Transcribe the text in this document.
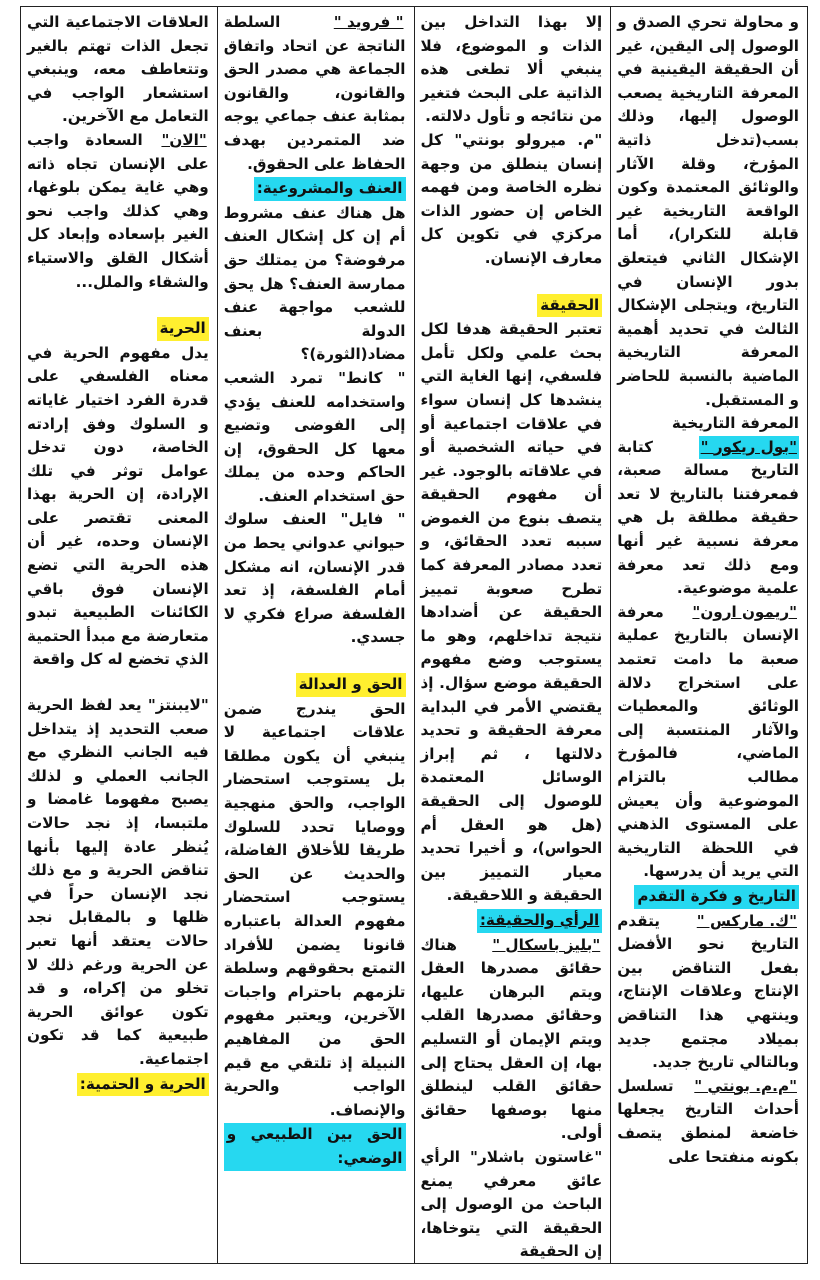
و محاولة تحري الصدق و الوصول إلى اليقين، غير أن الحقيقة اليقينية في المعرفة التاريخية يصعب الوصول إليها، وذلك بسب(تدخل ذاتية المؤرخ، وقلة الآثار والوثائق المعتمدة وكون الواقعة التاريخية غير قابلة للتكرار)، أما الإشكال الثاني فيتعلق بدور الإنسان في التاريخ، ويتجلى الإشكال الثالث في تحديد أهمية المعرفة التاريخية الماضية بالنسبة للحاضر و المستقبل.

المعرفة التاريخية

"بول ريكور " كتابة التاريخ مسالة صعبة، فمعرفتنا بالتاريخ لا تعد حقيقة مطلقة بل هي معرفة نسبية غير أنها ومع ذلك تعد معرفة علمية موضوعية.

"ريمون ارون" معرفة الإنسان بالتاريخ عملية صعبة ما دامت تعتمد على استخراج دلالة الوثائق والمعطيات والآثار المنتسبة إلى الماضي، فالمؤرخ مطالب بالتزام الموضوعية وأن يعيش على المستوى الذهني في اللحظة التاريخية التي يريد أن يدرسها.

التاريخ و فكرة التقدم

"ك. ماركس " يتقدم التاريخ نحو الأفضل بفعل التناقض بين الإنتاج وعلاقات الإنتاج، وينتهي هذا التناقض بميلاد مجتمع جديد وبالتالي تاريخ جديد.

"م.م. بونتي " تسلسل أحداث التاريخ يجعلها خاضعة لمنطق يتصف بكونه منفتحا على

إلا بهذا التداخل بين الذات و الموضوع، فلا ينبغي ألا تطغى هذه الذاتية على البحث فتغير من نتائجه و تأول دلالته.

"م. ميرولو بونتي" كل إنسان ينطلق من وجهة نظره الخاصة ومن فهمه الخاص إن حضور الذات مركزي في تكوين كل معارف الإنسان.

الحقيقة

تعتبر الحقيقة هدفا لكل بحث علمي ولكل تأمل فلسفي، إنها الغاية التي ينشدها كل إنسان سواء في علاقات اجتماعية أو في حياته الشخصية أو في علاقاته بالوجود. غير أن مفهوم الحقيقة يتصف بنوع من الغموض سببه تعدد الحقائق، و تعدد مصادر المعرفة كما تطرح صعوبة تمييز الحقيقة عن أضدادها نتيجة تداخلهم، وهو ما يستوجب وضع مفهوم الحقيقة موضع سؤال. إذ يقتضي الأمر في البداية معرفة الحقيقة و تحديد دلالتها ، ثم إبراز الوسائل المعتمدة للوصول إلى الحقيقة (هل هو العقل أم الحواس)، و أخيرا تحديد معيار التمييز بين الحقيقة و اللاحقيقة.

الرأي والحقيقة:

"بليز باسكال " هناك حقائق مصدرها العقل ويتم البرهان عليها، وحقائق مصدرها القلب ويتم الإيمان أو التسليم بها، إن العقل يحتاج إلى حقائق القلب لينطلق منها بوصفها حقائق أولى.

"غاستون باشلار" الرأي عائق معرفي يمنع الباحث من الوصول إلى الحقيقة التي يتوخاها، إن الحقيقة

" فرويد " السلطة الناتجة عن اتحاد واتفاق الجماعة هي مصدر الحق والقانون، والقانون بمثابة عنف جماعي يوجه ضد المتمردين بهدف الحفاظ على الحقوق.

العنف والمشروعية:

هل هناك عنف مشروط أم إن كل إشكال العنف مرفوضة؟ من يمتلك حق ممارسة العنف؟ هل يحق للشعب مواجهة عنف الدولة بعنف مضاد(الثورة)؟

" كانط" تمرد الشعب واستخدامه للعنف يؤدي إلى الفوضى وتضيع معها كل الحقوق، إن الحاكم وحده من يملك حق استخدام العنف.

" فايل" العنف سلوك حيواني عدواني يحط من قدر الإنسان، انه مشكل أمام الفلسفة، إذ تعد الفلسفة صراع فكري لا جسدي.

الحق و العدالة

الحق يندرج ضمن علاقات اجتماعية لا ينبغي أن يكون مطلقا بل يستوجب استحضار الواجب، والحق منهجية ووصايا تحدد للسلوك طريقا للأخلاق الفاضلة، والحديث عن الحق يستوجب استحضار مفهوم العدالة باعتباره قانونا يضمن للأفراد التمتع بحقوقهم وسلطة تلزمهم باحترام واجبات الآخرين، ويعتبر مفهوم الحق من المفاهيم النبيلة إذ تلتقي مع قيم الواجب والحرية والإنصاف.

الحق بين الطبيعي و الوضعي:

العلاقات الاجتماعية التي تجعل الذات تهتم بالغير وتتعاطف معه، وينبغي استشعار الواجب في التعامل مع الآخرين.

"الان" السعادة واجب على الإنسان تجاه ذاته وهي غاية يمكن بلوغها، وهي كذلك واجب نحو الغير بإسعاده وإبعاد كل أشكال القلق والاستياء والشقاء والملل...

الحرية

يدل مفهوم الحرية في معناه الفلسفي على قدرة الفرد اختيار غاياته و السلوك وفق إرادته الخاصة، دون تدخل عوامل توثر في تلك الإرادة، إن الحرية بهذا المعنى تقتصر على الإنسان وحده، غير أن هذه الحرية التي تضع الإنسان فوق باقي الكائنات الطبيعية تبدو متعارضة مع مبدأ الحتمية الذي تخضع له كل واقعة

"لايبنتز" يعد لفظ الحرية صعب التحديد إذ يتداخل فيه الجانب النظري مع الجانب العملي و لذلك يصبح مفهوما غامضا و ملتبسا، إذ نجد حالات يُنظر عادة إليها بأنها تناقض الحرية و مع ذلك نجد الإنسان حراً في ظلها و بالمقابل نجد حالات يعتقد أنها تعبر عن الحرية ورغم ذلك لا تخلو من إكراه، و قد تكون عوائق الحرية طبيعية كما قد تكون اجتماعية.

الحرية و الحتمية:
